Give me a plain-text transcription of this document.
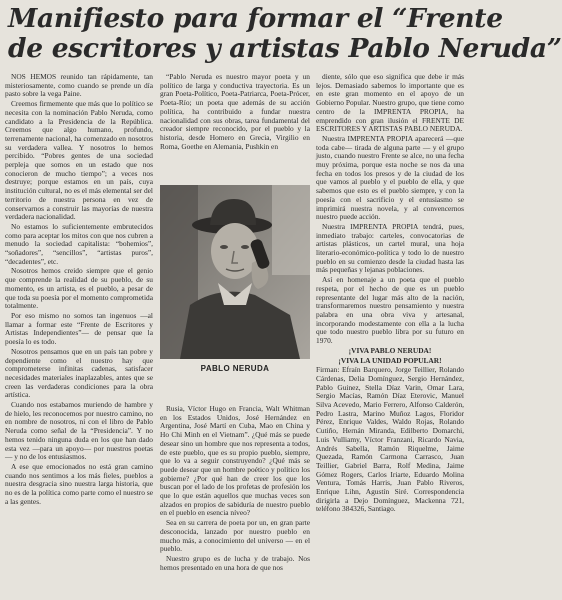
Manifiesto para formar el “Frente
de escritores y artistas Pablo Neruda”

NOS HEMOS reunido tan rápidamente, tan misteriosamente, como cuando se prende un día pasto sobre la vega Paine.

Creemos firmemente que más que lo político se necesita con la nominación Pablo Neruda, como candidato a la Presidencia de la República. Creemos que algo humano, profundo, terrenamente nacional, ha comenzado en nosotros su verdadera vallea. Y nosotros lo hemos percibido. “Pobres gentes de una sociedad perpleja que somos en un estado que nos conocieron de mucho tiempo”; a veces nos destruye; porque estamos en un país, cuya institución cultural, no es el más elemental ser del territorio de nuestra persona en vez de conservarnos a construir las mayorías de nuestra verdadera nacionalidad.

No estamos lo suficientemente embrutecidos como para aceptar los mitos con que nos cubren a menudo la sociedad capitalista: “bohemios”, “soñadores”, “sencillos”, “artistas puros”, “decadentes”, etc.

Nosotros hemos creido siempre que el genio que comprende la realidad de su pueblo, de su momento, es un artista, es el pueblo, a pesar de que toda su poesía por el momento comprometida totalmente.

Por eso mismo no somos tan ingenuos —al llamar a formar este “Frente de Escritores y Artistas Independientes”— de pensar que la poesía lo es todo.

Nosotros pensamos que en un país tan pobre y dependiente como el nuestro hay que comprometerse infinitas cadenas, satisfacer necesidades materiales inaplazables, antes que se creen las verdaderas condiciones para la obra artística.

Cuando nos estabamos muriendo de hambre y de hielo, les reconocemos por nuestro camino, no en nombre de nosotros, ni con el libro de Pablo Neruda como señal de la “Presidencia”. Y no hemos tenido ninguna duda en los que han dado esta vez —para un apoyo— por nuestros poetas — y no de los entusiasmos.

A ese que emocionados no está gran camino cuando nos sentimos a los más fieles, pueblos a nuestra desgracia sino nuestra larga historia, que no es de la política como parte como el nuestro se a las gentes.

“Pablo Neruda es nuestro mayor poeta y un político de larga y conductiva trayectoria. Es un gran Poeta-Político, Poeta-Patriarca, Poeta-Prócer, Poeta-Río; un poeta que además de su acción política, ha contribuido a fundar nuestra nacionalidad con sus obras, tarea fundamental del creador siempre reconocido, por el pueblo y la historia, desde Homero en Grecia, Virgilio en Roma, Goethe en Alemania, Pushkin en

PABLO NERUDA

Rusia, Víctor Hugo en Francia, Walt Whitman en los Estados Unidos, José Hernández en Argentina, José Martí en Cuba, Mao en China y Ho Chi Minh en el Vietnam”. ¿Qué más se puede desear sino un hombre que nos representa a todos, de este pueblo, que es su propio pueblo, siempre, que lo va a seguir construyendo? ¿Qué más se puede desear que un hombre poético y político los gobierne? ¿Por qué han de creer los que los buscan por el lado de los profetas de profesión los que lo que están aquellos que muchas veces son alzados en propios de sabiduría de nuestro pueblo en el pueblo en esencia níveo?

Sea en su carrera de poeta por un, en gran parte desconocida, lanzado por nuestro pueblo en mucho más, a conocimiento del universo — en el pueblo.

Nuestro grupo es de lucha y de trabajo. Nos hemos presentado en una hora de que nos

diente, sólo que eso significa que debe ir más lejos. Demasiado sabemos lo importante que es en este gran momento en el apoyo de un Gobierno Popular. Nuestro grupo, que tiene como centro de la IMPRENTA PROPIA, ha emprendido con gran ilusión el FRENTE DE ESCRITORES Y ARTISTAS PABLO NERUDA.

Nuestra IMPRENTA PROPIA aparecerá —que toda cabe— tirada de alguna parte — y el grupo justo, cuando nuestro Frente se alce, no una fecha muy próxima, porque esta noche se nos da una fecha en todos los presos y de la ciudad de los que vamos al pueblo y el pueblo de ella, y que sabemos que esto es el pueblo siempre, y con la poesía con el sacrificio y el entusiasmo se imprimirá nuestra novela, y al convencernos nuestro puede acción.

Nuestra IMPRENTA PROPIA tendrá, pues, inmediato trabajo: carteles, convocatorias de artistas plásticos, un cartel mural, una hoja literario-económico-política y todo lo de nuestro pueblo en su comienzo desde la ciudad hasta las más pequeñas y lejanas poblaciones.

Así en homenaje a un poeta que el pueblo respeta, por el hecho de que es un pueblo representante del lugar más alto de la nación, transformaremos nuestro pensamiento y nuestra palabra en una obra viva y artesanal, incorporando modestamente con ella a la lucha que todo nuestro pueblo libra por su futuro en 1970.

¡VIVA PABLO NERUDA!

¡VIVA LA UNIDAD POPULAR!

Firman: Efraín Barquero, Jorge Teillier, Rolando Cárdenas, Delia Domínguez, Sergio Hernández, Pablo Guinez, Stella Díaz Varin, Omar Lara, Sergio Macías, Ramón Díaz Eterovic, Manuel Silva Acevedo, Mario Ferrero, Alfonso Calderón, Pedro Lastra, Marino Muñoz Lagos, Floridor Pérez, Enrique Valdes, Waldo Rojas, Rolando Cutiño, Hernán Miranda, Edilberto Domarchi, Luis Vulliamy, Víctor Franzani, Ricardo Navia, Andrés Sabella, Ramón Riquelme, Jaime Quezada, Ramón Carmona Carrasco, Juan Teillier, Gabriel Barra, Rolf Medina, Jaime Gómez Rogers, Carlos Iriarte, Eduardo Molina Ventura, Tomás Harris, Juan Pablo Riveros, Enrique Lihn, Agustín Siré. Correspondencia dirigirla a Dejo Domínguez, Mackenna 721, teléfono 384326, Santiago.
